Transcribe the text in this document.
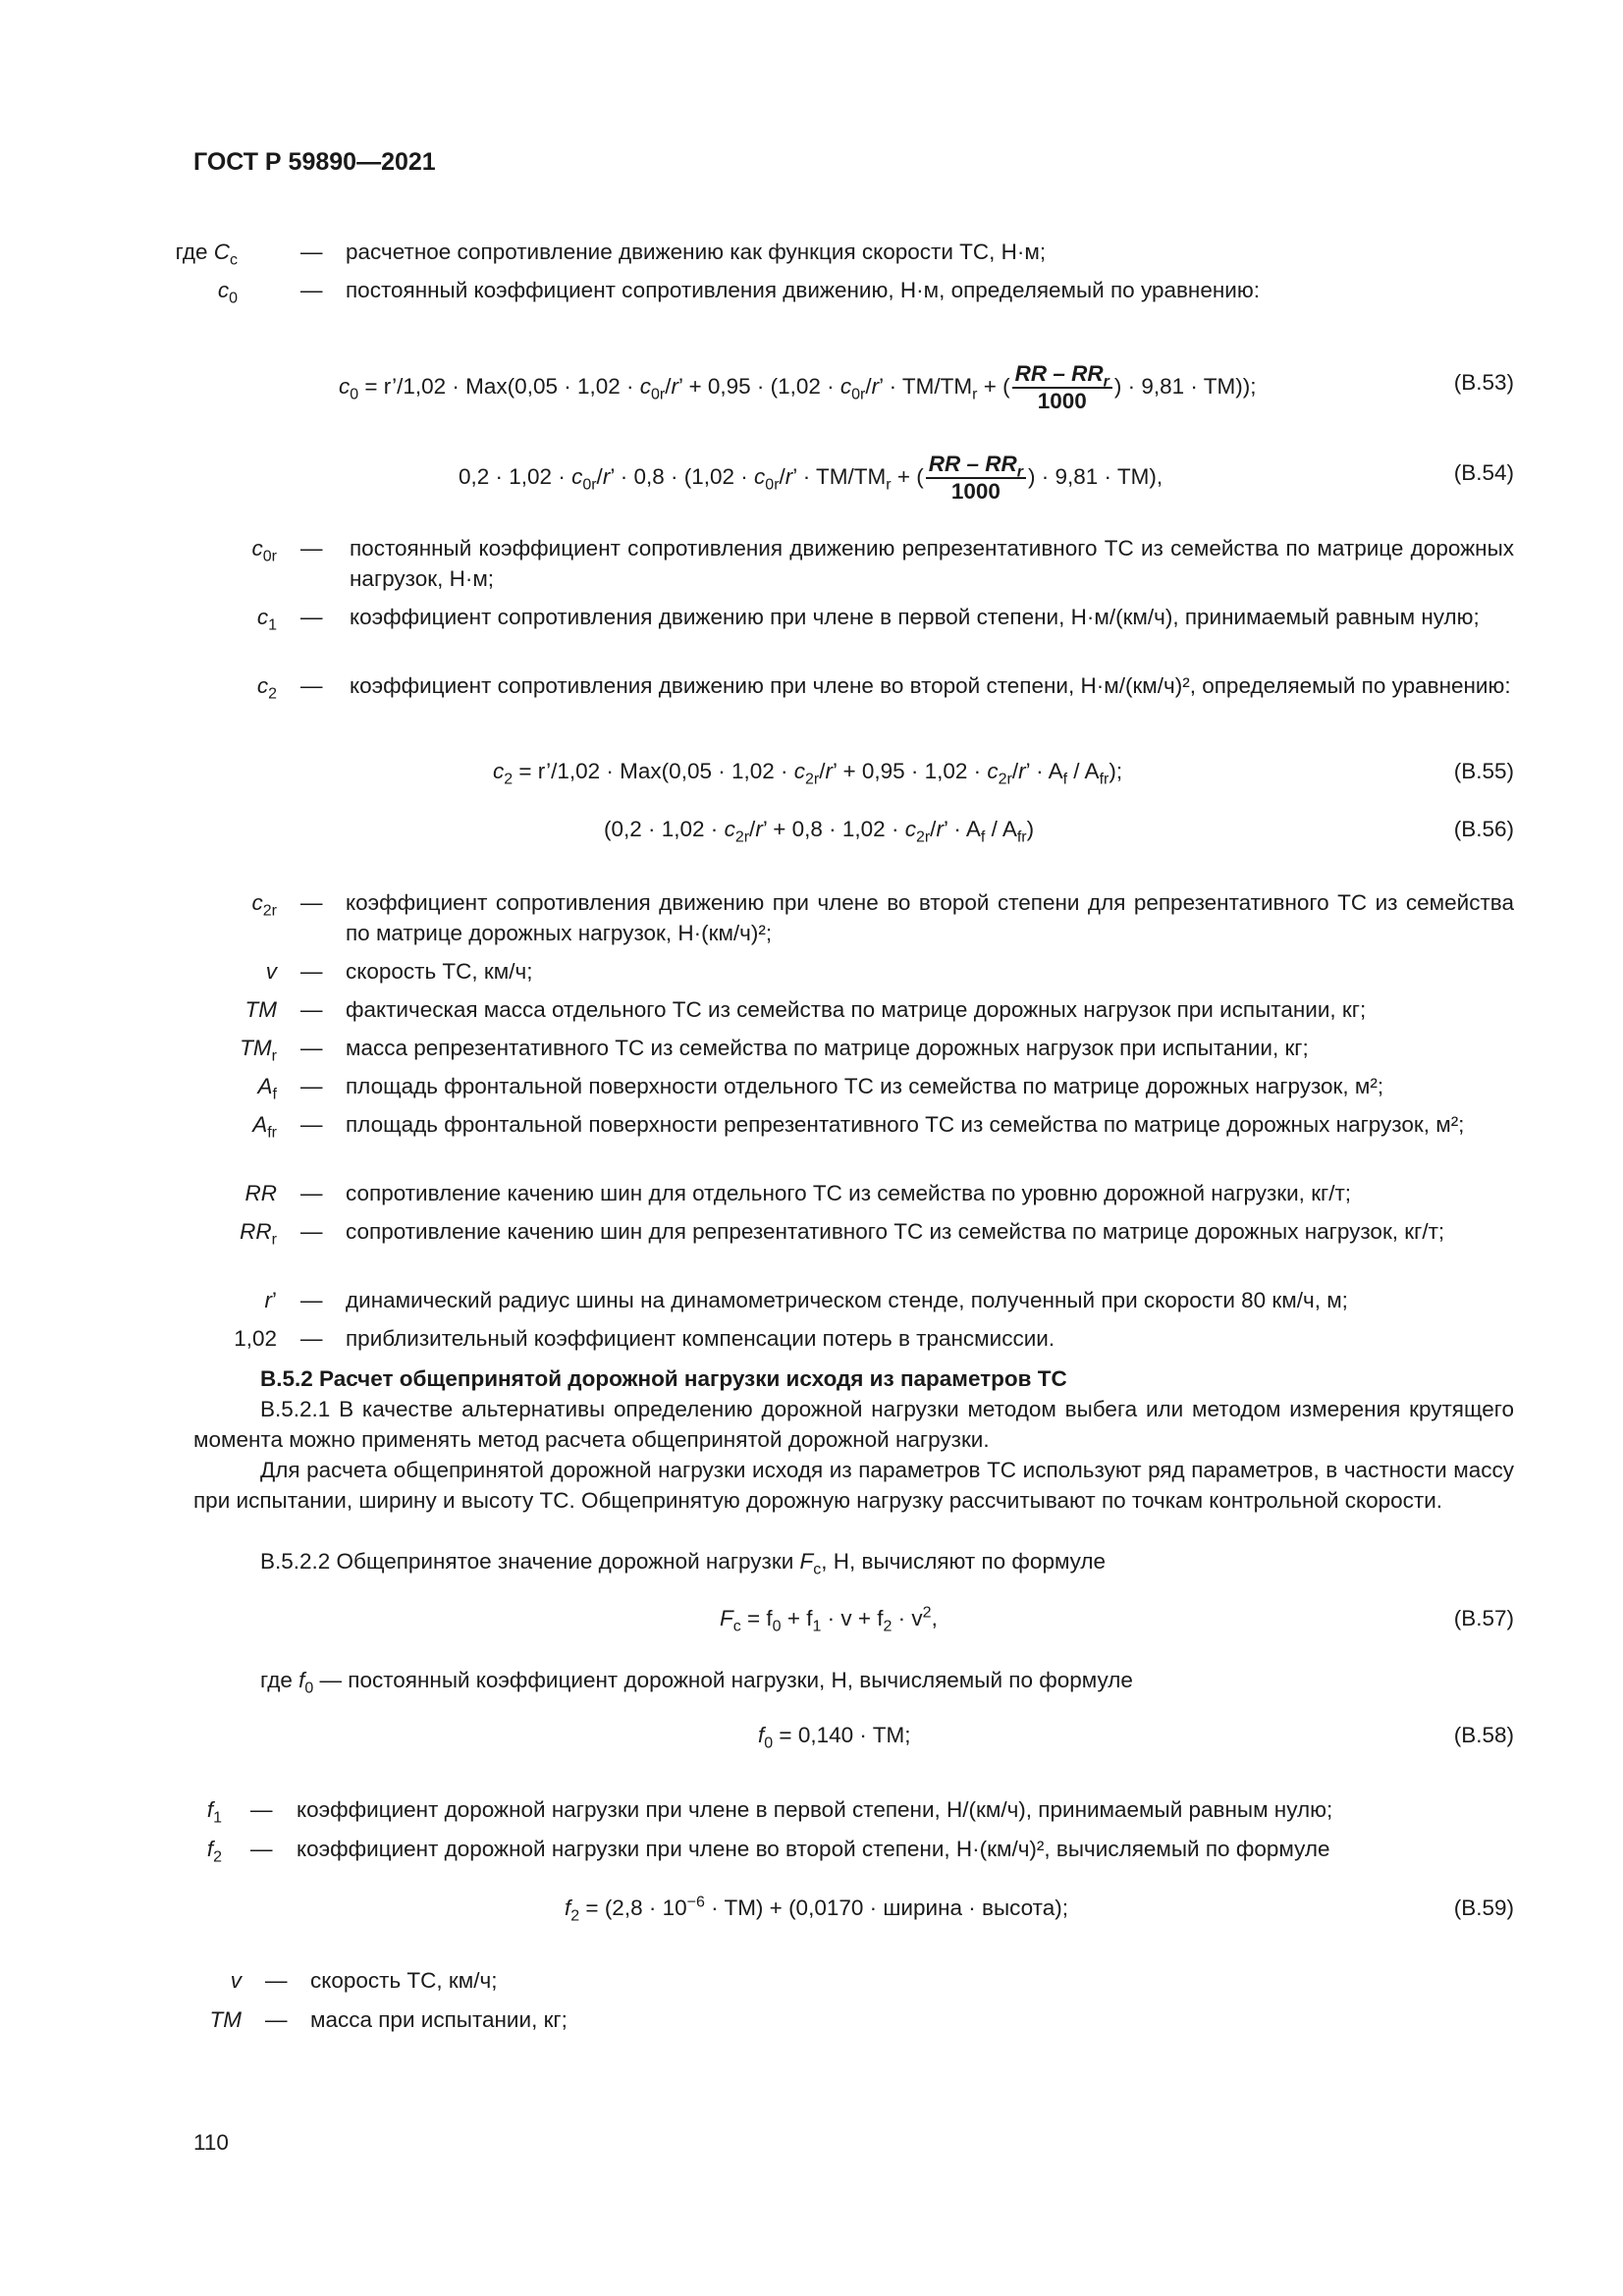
ГОСТ Р 59890—2021
где $C_c$	— расчетное сопротивление движению как функция скорости ТС, Н·м;
$c_0$	— постоянный коэффициент сопротивления движению, Н·м, определяемый по уравнению:
$c_0$ = r’/1,02 · $Max(0,05 \cdot 1,02 \cdot c_{0r}/r$’ + $0,95 \cdot (1,02 \cdot c_{0r}/r$’ · $TM/TM_r$ + ( $\frac{RR - RR_r}{1000}$ ) · 9,81 · TM));	(В.53)
$0,2 \cdot 1,02 \cdot c_{0r}/r$’ · $0,8 \cdot (1,02 \cdot c_{0r}/r$’ · $TM/TM_r$ + ( $\frac{RR - RR_r}{1000}$ ) · 9,81 · TM),	(В.54)
$c_{0r}$ — постоянный коэффициент сопротивления движению репрезентативного ТС из семейства по матрице дорожных нагрузок, Н·м;
$c_1$ — коэффициент сопротивления движению при члене в первой степени, Н·м/(км/ч), принимаемый равным нулю;
$c_2$ — коэффициент сопротивления движению при члене во второй степени, Н·м/(км/ч)², определяемый по уравнению:
$c_2$ = r’/1,02 · $Max(0,05 \cdot 1,02 \cdot c_{2r}/r$’ + $0,95 \cdot 1,02 \cdot c_{2r}/r$’ · $A_f / A_{fr}$);	(В.55)
($0,2 \cdot 1,02 \cdot c_{2r}/r$’ + $0,8 \cdot 1,02 \cdot c_{2r}/r$’ · $A_f / A_{fr}$)	(В.56)
$c_{2r}$ — коэффициент сопротивления движению при члене во второй степени для репрезентативного ТС из семейства по матрице дорожных нагрузок, Н·(км/ч)²;
v — скорость ТС, км/ч;
TM — фактическая масса отдельного ТС из семейства по матрице дорожных нагрузок при испытании, кг;
$TM_r$ — масса репрезентативного ТС из семейства по матрице дорожных нагрузок при испытании, кг;
$A_f$ — площадь фронтальной поверхности отдельного ТС из семейства по матрице дорожных нагрузок, м²;
$A_{fr}$ — площадь фронтальной поверхности репрезентативного ТС из семейства по матрице дорожных нагрузок, м²;
RR — сопротивление качению шин для отдельного ТС из семейства по уровню дорожной нагрузки, кг/т;
$RR_r$ — сопротивление качению шин для репрезентативного ТС из семейства по матрице дорожных нагрузок, кг/т;
r’ — динамический радиус шины на динамометрическом стенде, полученный при скорости 80 км/ч, м;
1,02 — приблизительный коэффициент компенсации потерь в трансмиссии.
В.5.2 Расчет общепринятой дорожной нагрузки исходя из параметров ТС
В.5.2.1 В качестве альтернативы определению дорожной нагрузки методом выбега или методом измерения крутящего момента можно применять метод расчета общепринятой дорожной нагрузки.
Для расчета общепринятой дорожной нагрузки исходя из параметров ТС используют ряд параметров, в частности массу при испытании, ширину и высоту ТС. Общепринятую дорожную нагрузку рассчитывают по точкам контрольной скорости.
В.5.2.2 Общепринятое значение дорожной нагрузки $F_c$, Н, вычисляют по формуле
$F_c = f_0 + f_1 \cdot v + f_2 \cdot v^2$,	(В.57)
где $f_0$ — постоянный коэффициент дорожной нагрузки, Н, вычисляемый по формуле
$f_0 = 0,140$ · TM;	(В.58)
$f_1$ — коэффициент дорожной нагрузки при члене в первой степени, Н/(км/ч), принимаемый равным нулю;
$f_2$ — коэффициент дорожной нагрузки при члене во второй степени, Н·(км/ч)², вычисляемый по формуле
$f_2 = (2,8 \cdot 10^{-6} \cdot TM) + (0,0170$ · ширина · высота);	(В.59)
v — скорость ТС, км/ч;
TM — масса при испытании, кг;
110
